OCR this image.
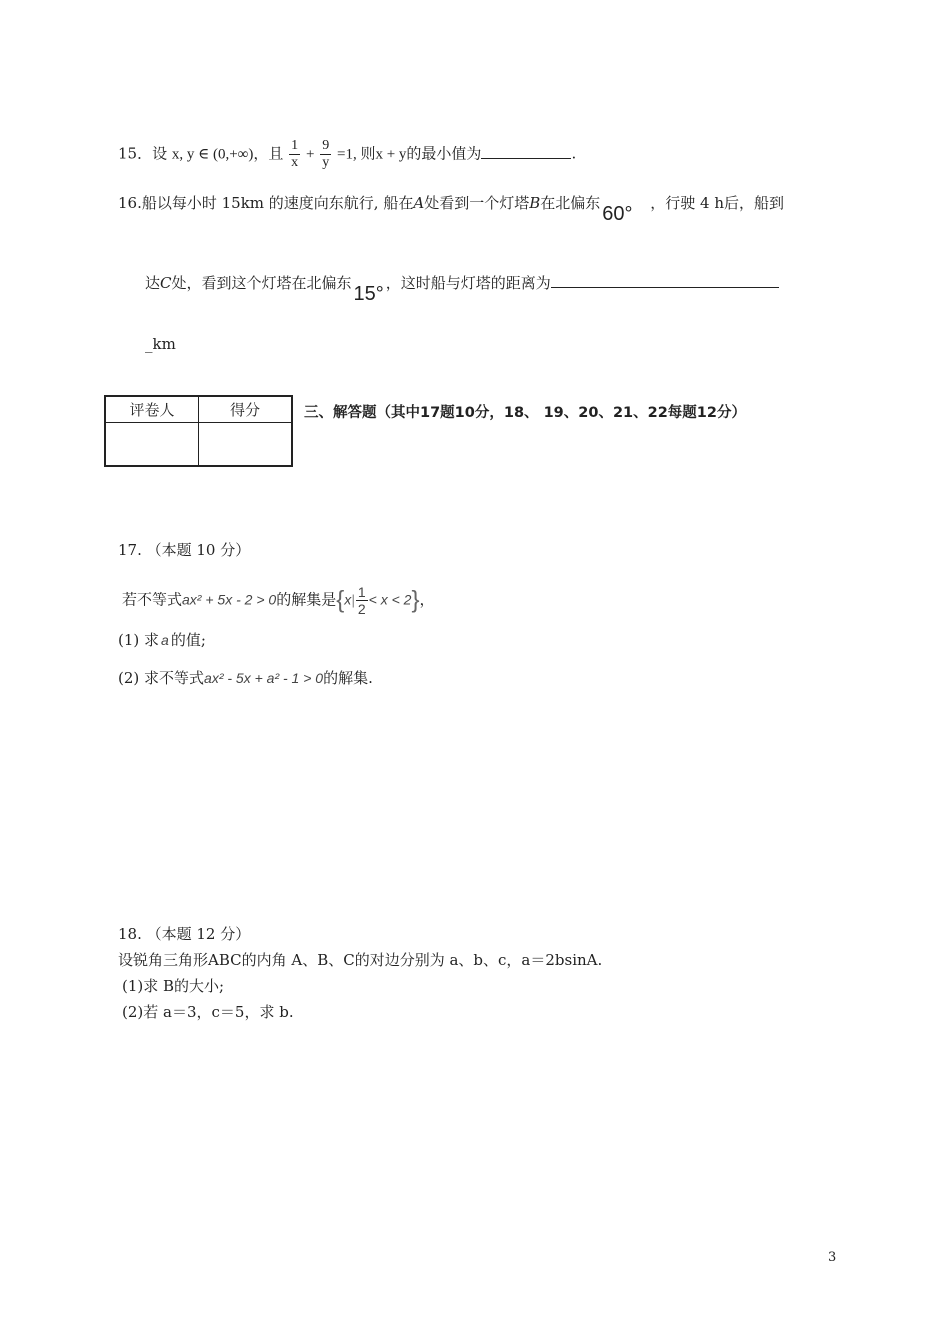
15．设 x, y ∈ (0,+∞)，且 $\frac{1}{x} + \frac{9}{y} =1$, 则x + y的最小值为	.
16.船以每小时 15km 的速度向东航行, 船在A处看到一个灯塔B在北偏东 60° ，行驶 4 h后，船到
达C处，看到这个灯塔在北偏东 15° ，这时船与灯塔的距离为
_km
评卷人	得分
		三、解答题（其中17题10分，18、 19、20、21、22每题12分）
17. （本题 10 分）
若不等式ax² + 5x - 2 > 0的解集是$\{x| \frac{1}{2} < x < 2\}$，
(1) 求 a 的值;
(2) 求不等式ax² - 5x + a² - 1 > 0的解集.
18. （本题 12 分）
设锐角三角形ABC的内角 A、B、C的对边分别为 a、b、c，a＝2bsinA.
(1)求 B的大小;
(2)若 a＝3，c＝5，求 b.
3
